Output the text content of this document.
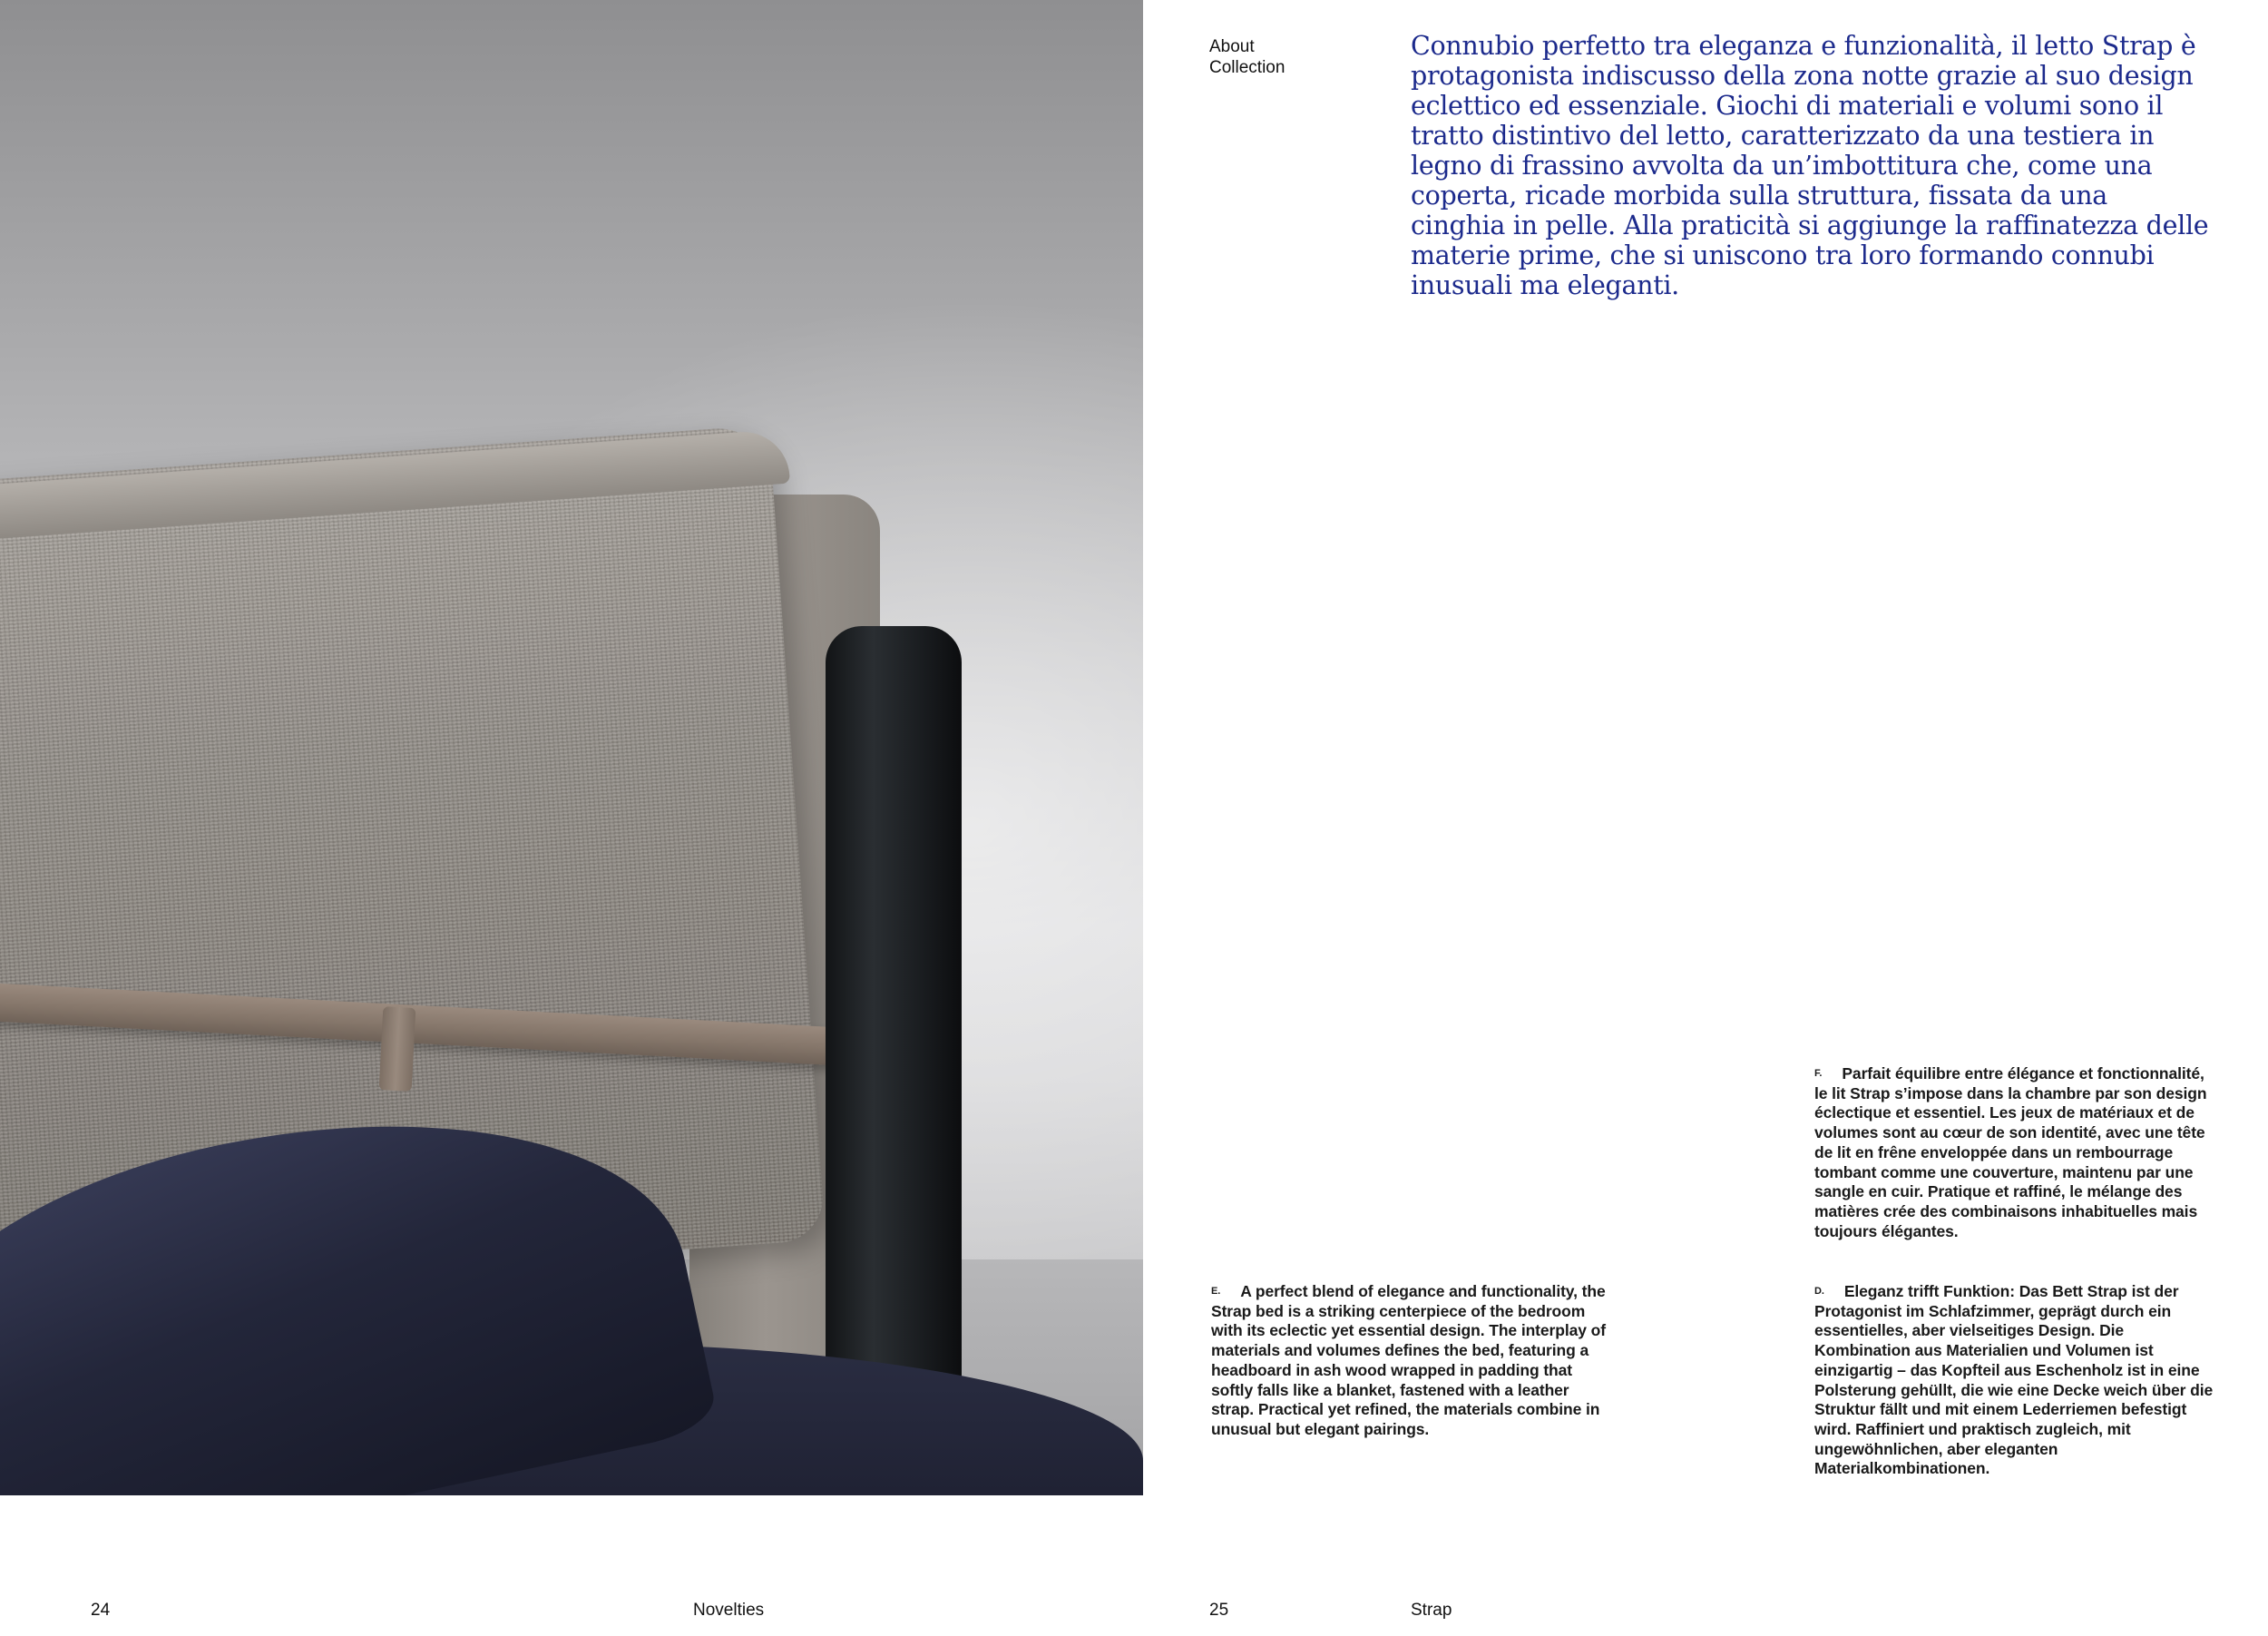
About
Collection
Connubio perfetto tra eleganza e funzionalità, il letto Strap è protagonista indiscusso della zona notte grazie al suo design eclettico ed essenziale. Giochi di materiali e volumi sono il tratto distintivo del letto, caratterizzato da una testiera in legno di frassino avvolta da un’imbottitura che, come una coperta, ricade morbida sulla struttura, fissata da una cinghia in pelle. Alla praticità si aggiunge la raffinatezza delle materie prime, che si uniscono tra loro formando connubi inusuali ma eleganti.
$^{E.}$ A perfect blend of elegance and functionality, the Strap bed is a striking centerpiece of the bedroom with its eclectic yet essential design. The interplay of materials and volumes defines the bed, featuring a headboard in ash wood wrapped in padding that softly falls like a blanket, fastened with a leather strap. Practical yet refined, the materials combine in unusual but elegant pairings.
$^{F.}$ Parfait équilibre entre élégance et fonctionnalité, le lit Strap s’impose dans la chambre par son design éclectique et essentiel. Les jeux de matériaux et de volumes sont au cœur de son identité, avec une tête de lit en frêne enveloppée dans un rembourrage tombant comme une couverture, maintenu par une sangle en cuir. Pratique et raffiné, le mélange des matières crée des combinaisons inhabituelles mais toujours élégantes.
$^{D.}$ Eleganz trifft Funktion: Das Bett Strap ist der Protagonist im Schlafzimmer, geprägt durch ein essentielles, aber vielseitiges Design. Die Kombination aus Materialien und Volumen ist einzigartig – das Kopfteil aus Eschenholz ist in eine Polsterung gehüllt, die wie eine Decke weich über die Struktur fällt und mit einem Lederriemen befestigt wird. Raffiniert und praktisch zugleich, mit ungewöhnlichen, aber eleganten Materialkombinationen.
24	Novelties	25	Strap
